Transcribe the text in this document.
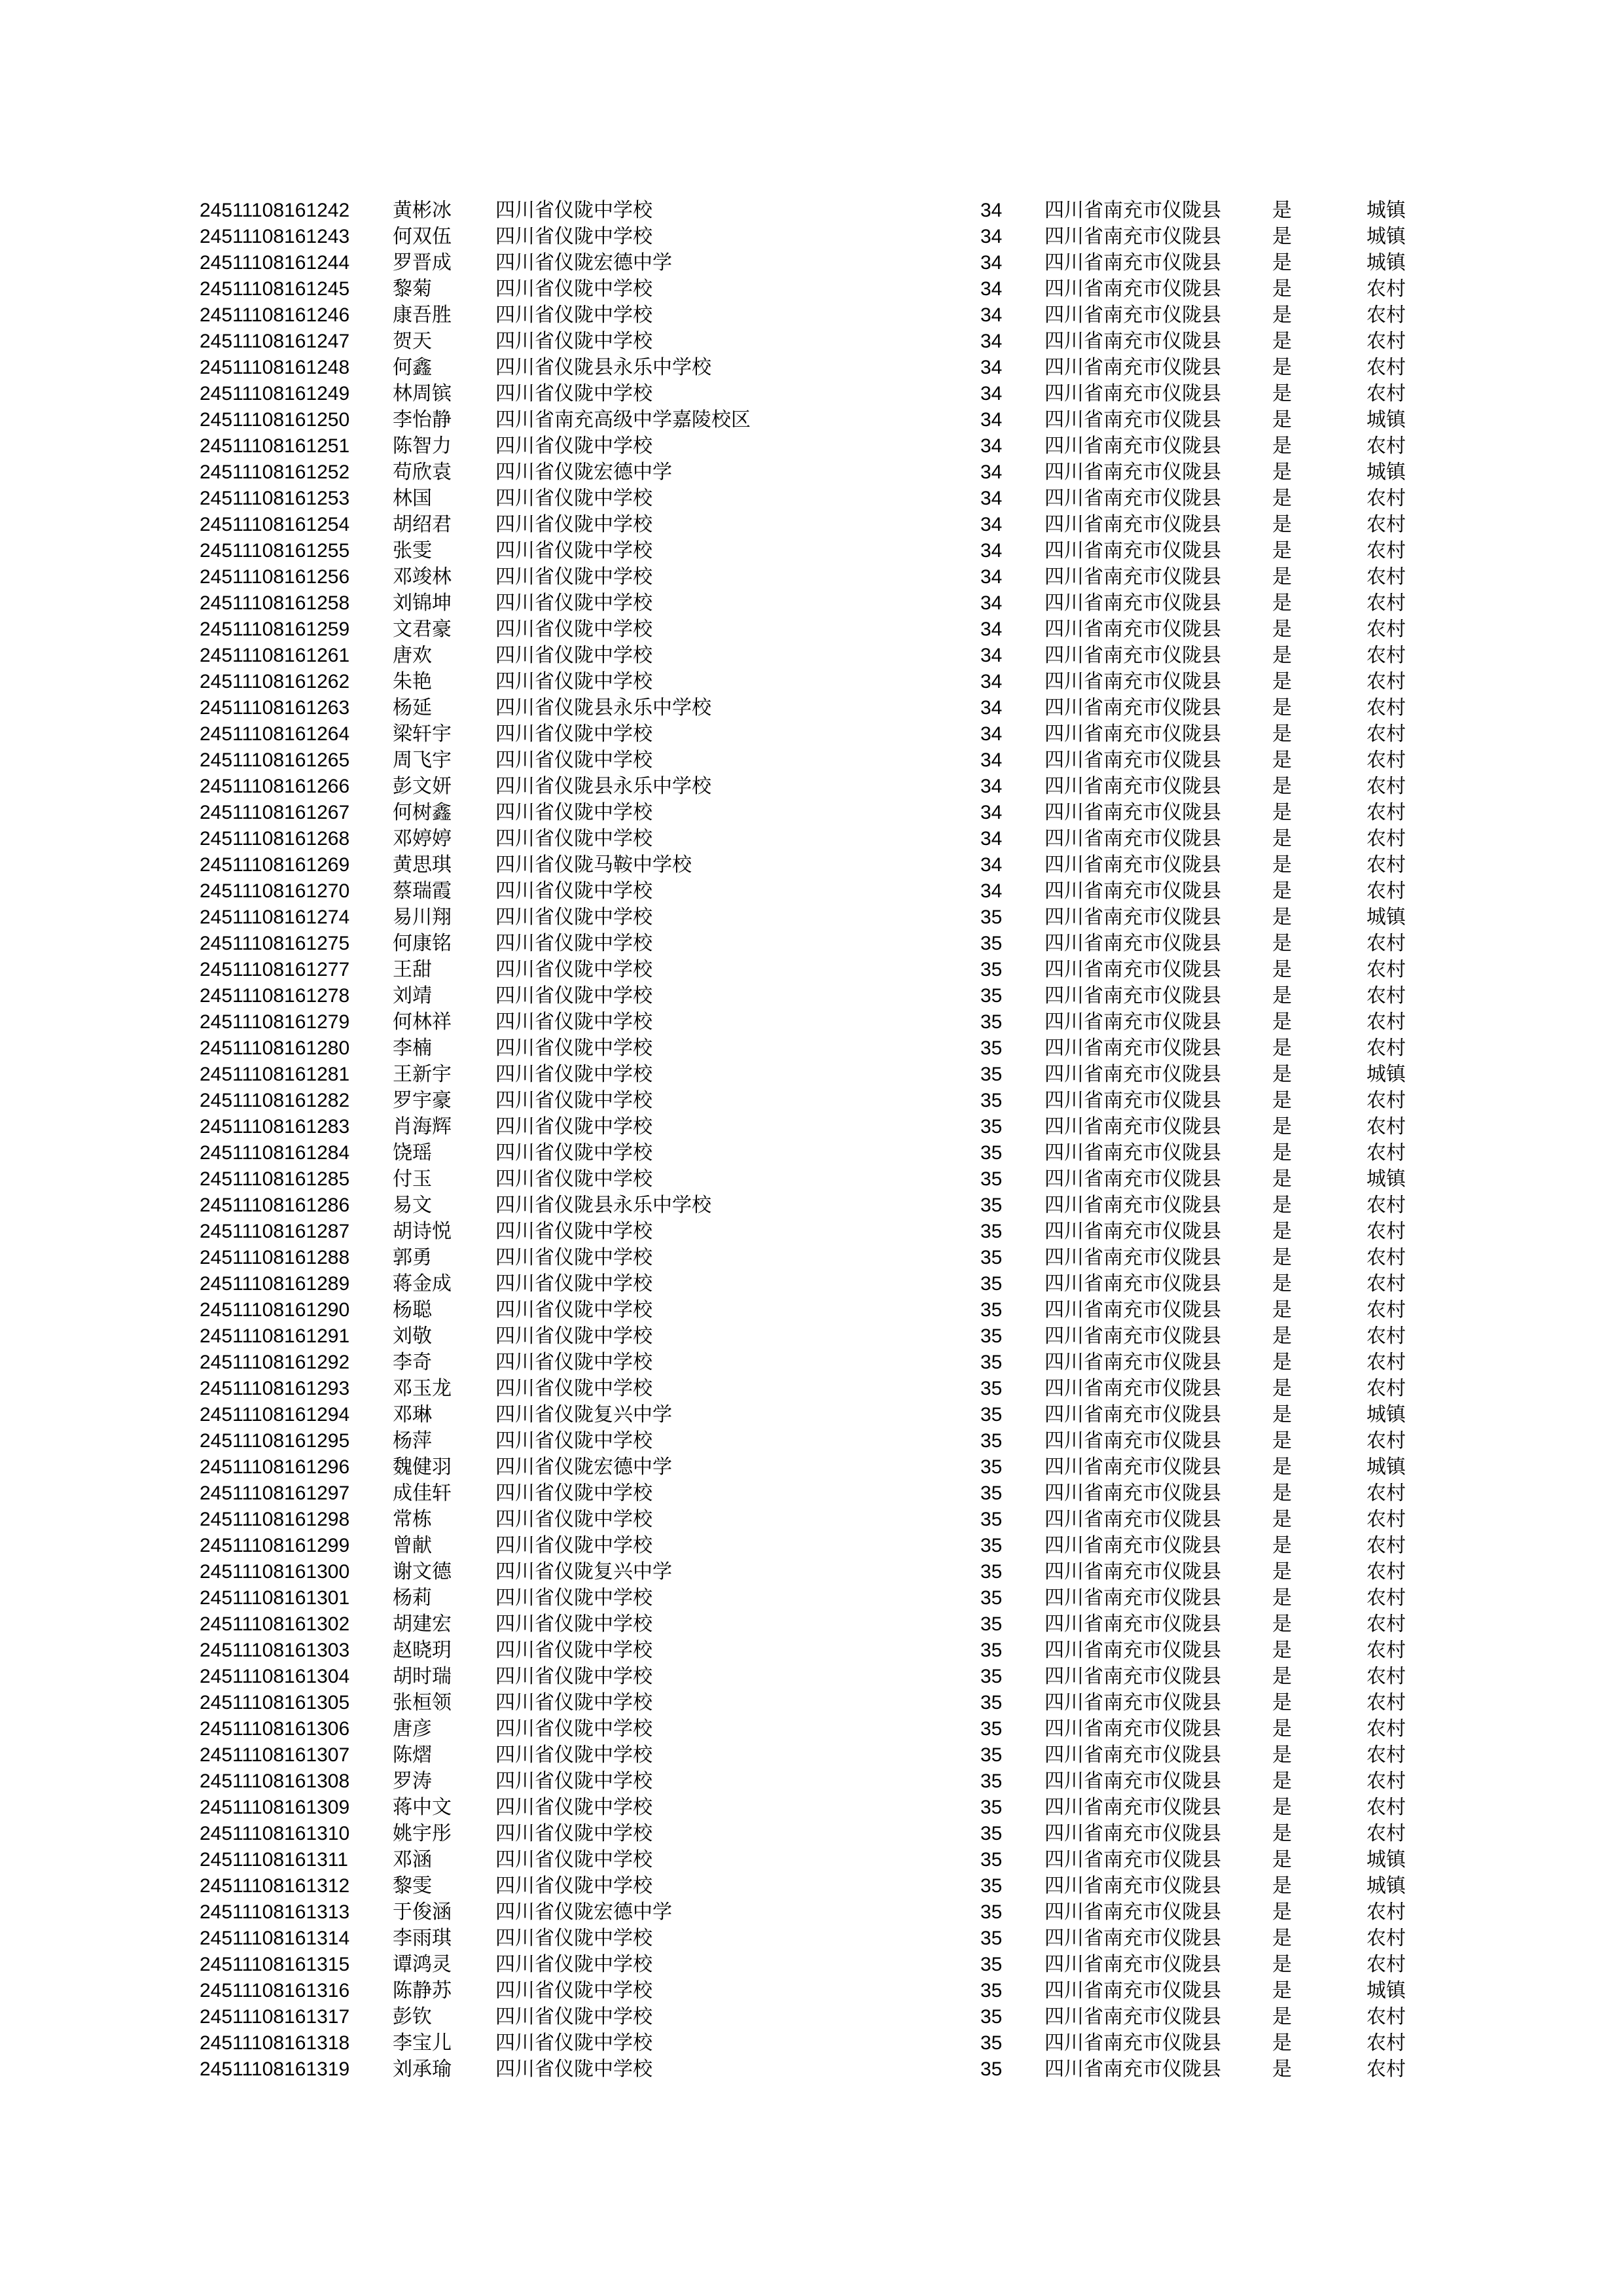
24511108161242 黄彬冰 四川省仪陇中学校	34 四川省南充市仪陇县	是	城镇
24511108161243 何双伍 四川省仪陇中学校	34 四川省南充市仪陇县	是	城镇
24511108161244 罗晋成 四川省仪陇宏德中学	34 四川省南充市仪陇县	是	城镇
24511108161245 黎菊	四川省仪陇中学校	34 四川省南充市仪陇县	是	农村
24511108161246 康吾胜 四川省仪陇中学校	34 四川省南充市仪陇县	是	农村
24511108161247 贺天	四川省仪陇中学校	34 四川省南充市仪陇县	是	农村
24511108161248 何鑫	四川省仪陇县永乐中学校	34 四川省南充市仪陇县	是	农村
24511108161249 林周镔 四川省仪陇中学校	34 四川省南充市仪陇县	是	农村
24511108161250 李怡静 四川省南充高级中学嘉陵校区	34 四川省南充市仪陇县	是	城镇
24511108161251 陈智力 四川省仪陇中学校	34 四川省南充市仪陇县	是	农村
24511108161252 苟欣袁 四川省仪陇宏德中学	34 四川省南充市仪陇县	是	城镇
24511108161253 林国	四川省仪陇中学校	34 四川省南充市仪陇县	是	农村
24511108161254 胡绍君 四川省仪陇中学校	34 四川省南充市仪陇县	是	农村
24511108161255 张雯	四川省仪陇中学校	34 四川省南充市仪陇县	是	农村
24511108161256 邓竣林 四川省仪陇中学校	34 四川省南充市仪陇县	是	农村
24511108161258 刘锦坤 四川省仪陇中学校	34 四川省南充市仪陇县	是	农村
24511108161259 文君豪 四川省仪陇中学校	34 四川省南充市仪陇县	是	农村
24511108161261 唐欢	四川省仪陇中学校	34 四川省南充市仪陇县	是	农村
24511108161262 朱艳	四川省仪陇中学校	34 四川省南充市仪陇县	是	农村
24511108161263 杨延	四川省仪陇县永乐中学校	34 四川省南充市仪陇县	是	农村
24511108161264 梁轩宇 四川省仪陇中学校	34 四川省南充市仪陇县	是	农村
24511108161265 周飞宇 四川省仪陇中学校	34 四川省南充市仪陇县	是	农村
24511108161266 彭文妍 四川省仪陇县永乐中学校	34 四川省南充市仪陇县	是	农村
24511108161267 何树鑫 四川省仪陇中学校	34 四川省南充市仪陇县	是	农村
24511108161268 邓婷婷 四川省仪陇中学校	34 四川省南充市仪陇县	是	农村
24511108161269 黄思琪 四川省仪陇马鞍中学校	34 四川省南充市仪陇县	是	农村
24511108161270 蔡瑞霞 四川省仪陇中学校	34 四川省南充市仪陇县	是	农村
24511108161274 易川翔 四川省仪陇中学校	35 四川省南充市仪陇县	是	城镇
24511108161275 何康铭 四川省仪陇中学校	35 四川省南充市仪陇县	是	农村
24511108161277 王甜	四川省仪陇中学校	35 四川省南充市仪陇县	是	农村
24511108161278 刘靖	四川省仪陇中学校	35 四川省南充市仪陇县	是	农村
24511108161279 何林祥 四川省仪陇中学校	35 四川省南充市仪陇县	是	农村
24511108161280 李楠	四川省仪陇中学校	35 四川省南充市仪陇县	是	农村
24511108161281 王新宇 四川省仪陇中学校	35 四川省南充市仪陇县	是	城镇
24511108161282 罗宇豪 四川省仪陇中学校	35 四川省南充市仪陇县	是	农村
24511108161283 肖海辉 四川省仪陇中学校	35 四川省南充市仪陇县	是	农村
24511108161284 饶瑶	四川省仪陇中学校	35 四川省南充市仪陇县	是	农村
24511108161285 付玉	四川省仪陇中学校	35 四川省南充市仪陇县	是	城镇
24511108161286 易文	四川省仪陇县永乐中学校	35 四川省南充市仪陇县	是	农村
24511108161287 胡诗悦 四川省仪陇中学校	35 四川省南充市仪陇县	是	农村
24511108161288 郭勇	四川省仪陇中学校	35 四川省南充市仪陇县	是	农村
24511108161289 蒋金成 四川省仪陇中学校	35 四川省南充市仪陇县	是	农村
24511108161290 杨聪	四川省仪陇中学校	35 四川省南充市仪陇县	是	农村
24511108161291 刘敬	四川省仪陇中学校	35 四川省南充市仪陇县	是	农村
24511108161292 李奇	四川省仪陇中学校	35 四川省南充市仪陇县	是	农村
24511108161293 邓玉龙 四川省仪陇中学校	35 四川省南充市仪陇县	是	农村
24511108161294 邓琳	四川省仪陇复兴中学	35 四川省南充市仪陇县	是	城镇
24511108161295 杨萍	四川省仪陇中学校	35 四川省南充市仪陇县	是	农村
24511108161296 魏健羽 四川省仪陇宏德中学	35 四川省南充市仪陇县	是	城镇
24511108161297 成佳轩 四川省仪陇中学校	35 四川省南充市仪陇县	是	农村
24511108161298 常栋	四川省仪陇中学校	35 四川省南充市仪陇县	是	农村
24511108161299 曾献	四川省仪陇中学校	35 四川省南充市仪陇县	是	农村
24511108161300 谢文德 四川省仪陇复兴中学	35 四川省南充市仪陇县	是	农村
24511108161301 杨莉	四川省仪陇中学校	35 四川省南充市仪陇县	是	农村
24511108161302 胡建宏 四川省仪陇中学校	35 四川省南充市仪陇县	是	农村
24511108161303 赵晓玥 四川省仪陇中学校	35 四川省南充市仪陇县	是	农村
24511108161304 胡时瑞 四川省仪陇中学校	35 四川省南充市仪陇县	是	农村
24511108161305 张桓领 四川省仪陇中学校	35 四川省南充市仪陇县	是	农村
24511108161306 唐彦	四川省仪陇中学校	35 四川省南充市仪陇县	是	农村
24511108161307 陈熠	四川省仪陇中学校	35 四川省南充市仪陇县	是	农村
24511108161308 罗涛	四川省仪陇中学校	35 四川省南充市仪陇县	是	农村
24511108161309 蒋中文 四川省仪陇中学校	35 四川省南充市仪陇县	是	农村
24511108161310 姚宇彤 四川省仪陇中学校	35 四川省南充市仪陇县	是	农村
24511108161311 邓涵	四川省仪陇中学校	35 四川省南充市仪陇县	是	城镇
24511108161312 黎雯	四川省仪陇中学校	35 四川省南充市仪陇县	是	城镇
24511108161313 于俊涵 四川省仪陇宏德中学	35 四川省南充市仪陇县	是	农村
24511108161314 李雨琪 四川省仪陇中学校	35 四川省南充市仪陇县	是	农村
24511108161315 谭鸿灵 四川省仪陇中学校	35 四川省南充市仪陇县	是	农村
24511108161316 陈静苏 四川省仪陇中学校	35 四川省南充市仪陇县	是	城镇
24511108161317 彭钦	四川省仪陇中学校	35 四川省南充市仪陇县	是	农村
24511108161318 李宝儿 四川省仪陇中学校	35 四川省南充市仪陇县	是	农村
24511108161319 刘承瑜 四川省仪陇中学校	35 四川省南充市仪陇县	是	农村
